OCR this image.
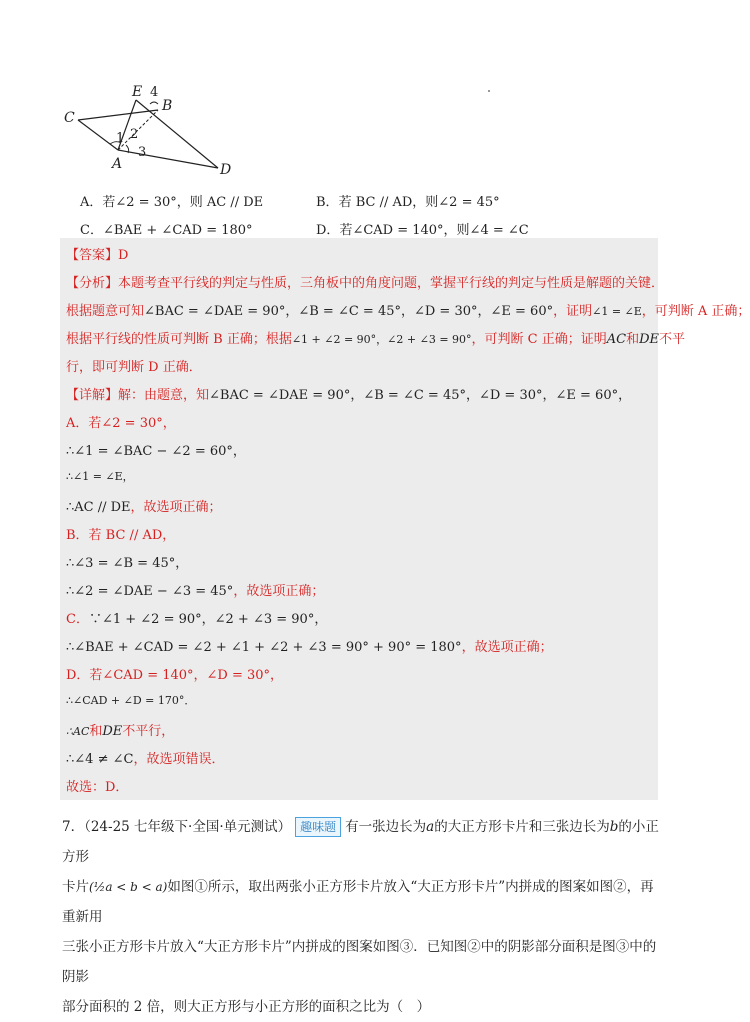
E 4
B
C
1 2
3
A	D
A．若∠2 = 30°，则 AC // DE	B．若 BC // AD，则∠2 = 45°
C．∠BAE + ∠CAD = 180°	D．若∠CAD = 140°，则∠4 = ∠C
【答案】D
【分析】本题考查平行线的判定与性质，三角板中的角度问题，掌握平行线的判定与性质是解题的关键．
根据题意可知∠BAC = ∠DAE = 90°，∠B = ∠C = 45°，∠D = 30°，∠E = 60°，证明∠1 = ∠E，可判断 A 正确；
根据平行线的性质可判断 B 正确；根据∠1 + ∠2 = 90°，∠2 + ∠3 = 90°，可判断 C 正确；证明AC和DE不平
行，即可判断 D 正确．
【详解】解：由题意，知∠BAC = ∠DAE = 90°，∠B = ∠C = 45°，∠D = 30°，∠E = 60°，
A．若∠2 = 30°，
∴∠1 = ∠BAC − ∠2 = 60°，
∴∠1 = ∠E，
∴AC // DE，故选项正确；
B．若 BC // AD，
∴∠3 = ∠B = 45°，
∴∠2 = ∠DAE − ∠3 = 45°，故选项正确；
C．∵∠1 + ∠2 = 90°，∠2 + ∠3 = 90°，
∴∠BAE + ∠CAD = ∠2 + ∠1 + ∠2 + ∠3 = 90° + 90° = 180°，故选项正确；
D．若∠CAD = 140°，∠D = 30°，
∴∠CAD + ∠D = 170°．
∴AC和DE不平行，
∴∠4 ≠ ∠C，故选项错误．
故选：D．
7．（24-25 七年级下·全国·单元测试） 趣味题 有一张边长为a的大正方形卡片和三张边长为b的小正方形
卡片(½a < b < a)如图①所示，取出两张小正方形卡片放入“大正方形卡片”内拼成的图案如图②，再重新用
三张小正方形卡片放入“大正方形卡片”内拼成的图案如图③．已知图②中的阴影部分面积是图③中的阴影
部分面积的 2 倍，则大正方形与小正方形的面积之比为（　）
